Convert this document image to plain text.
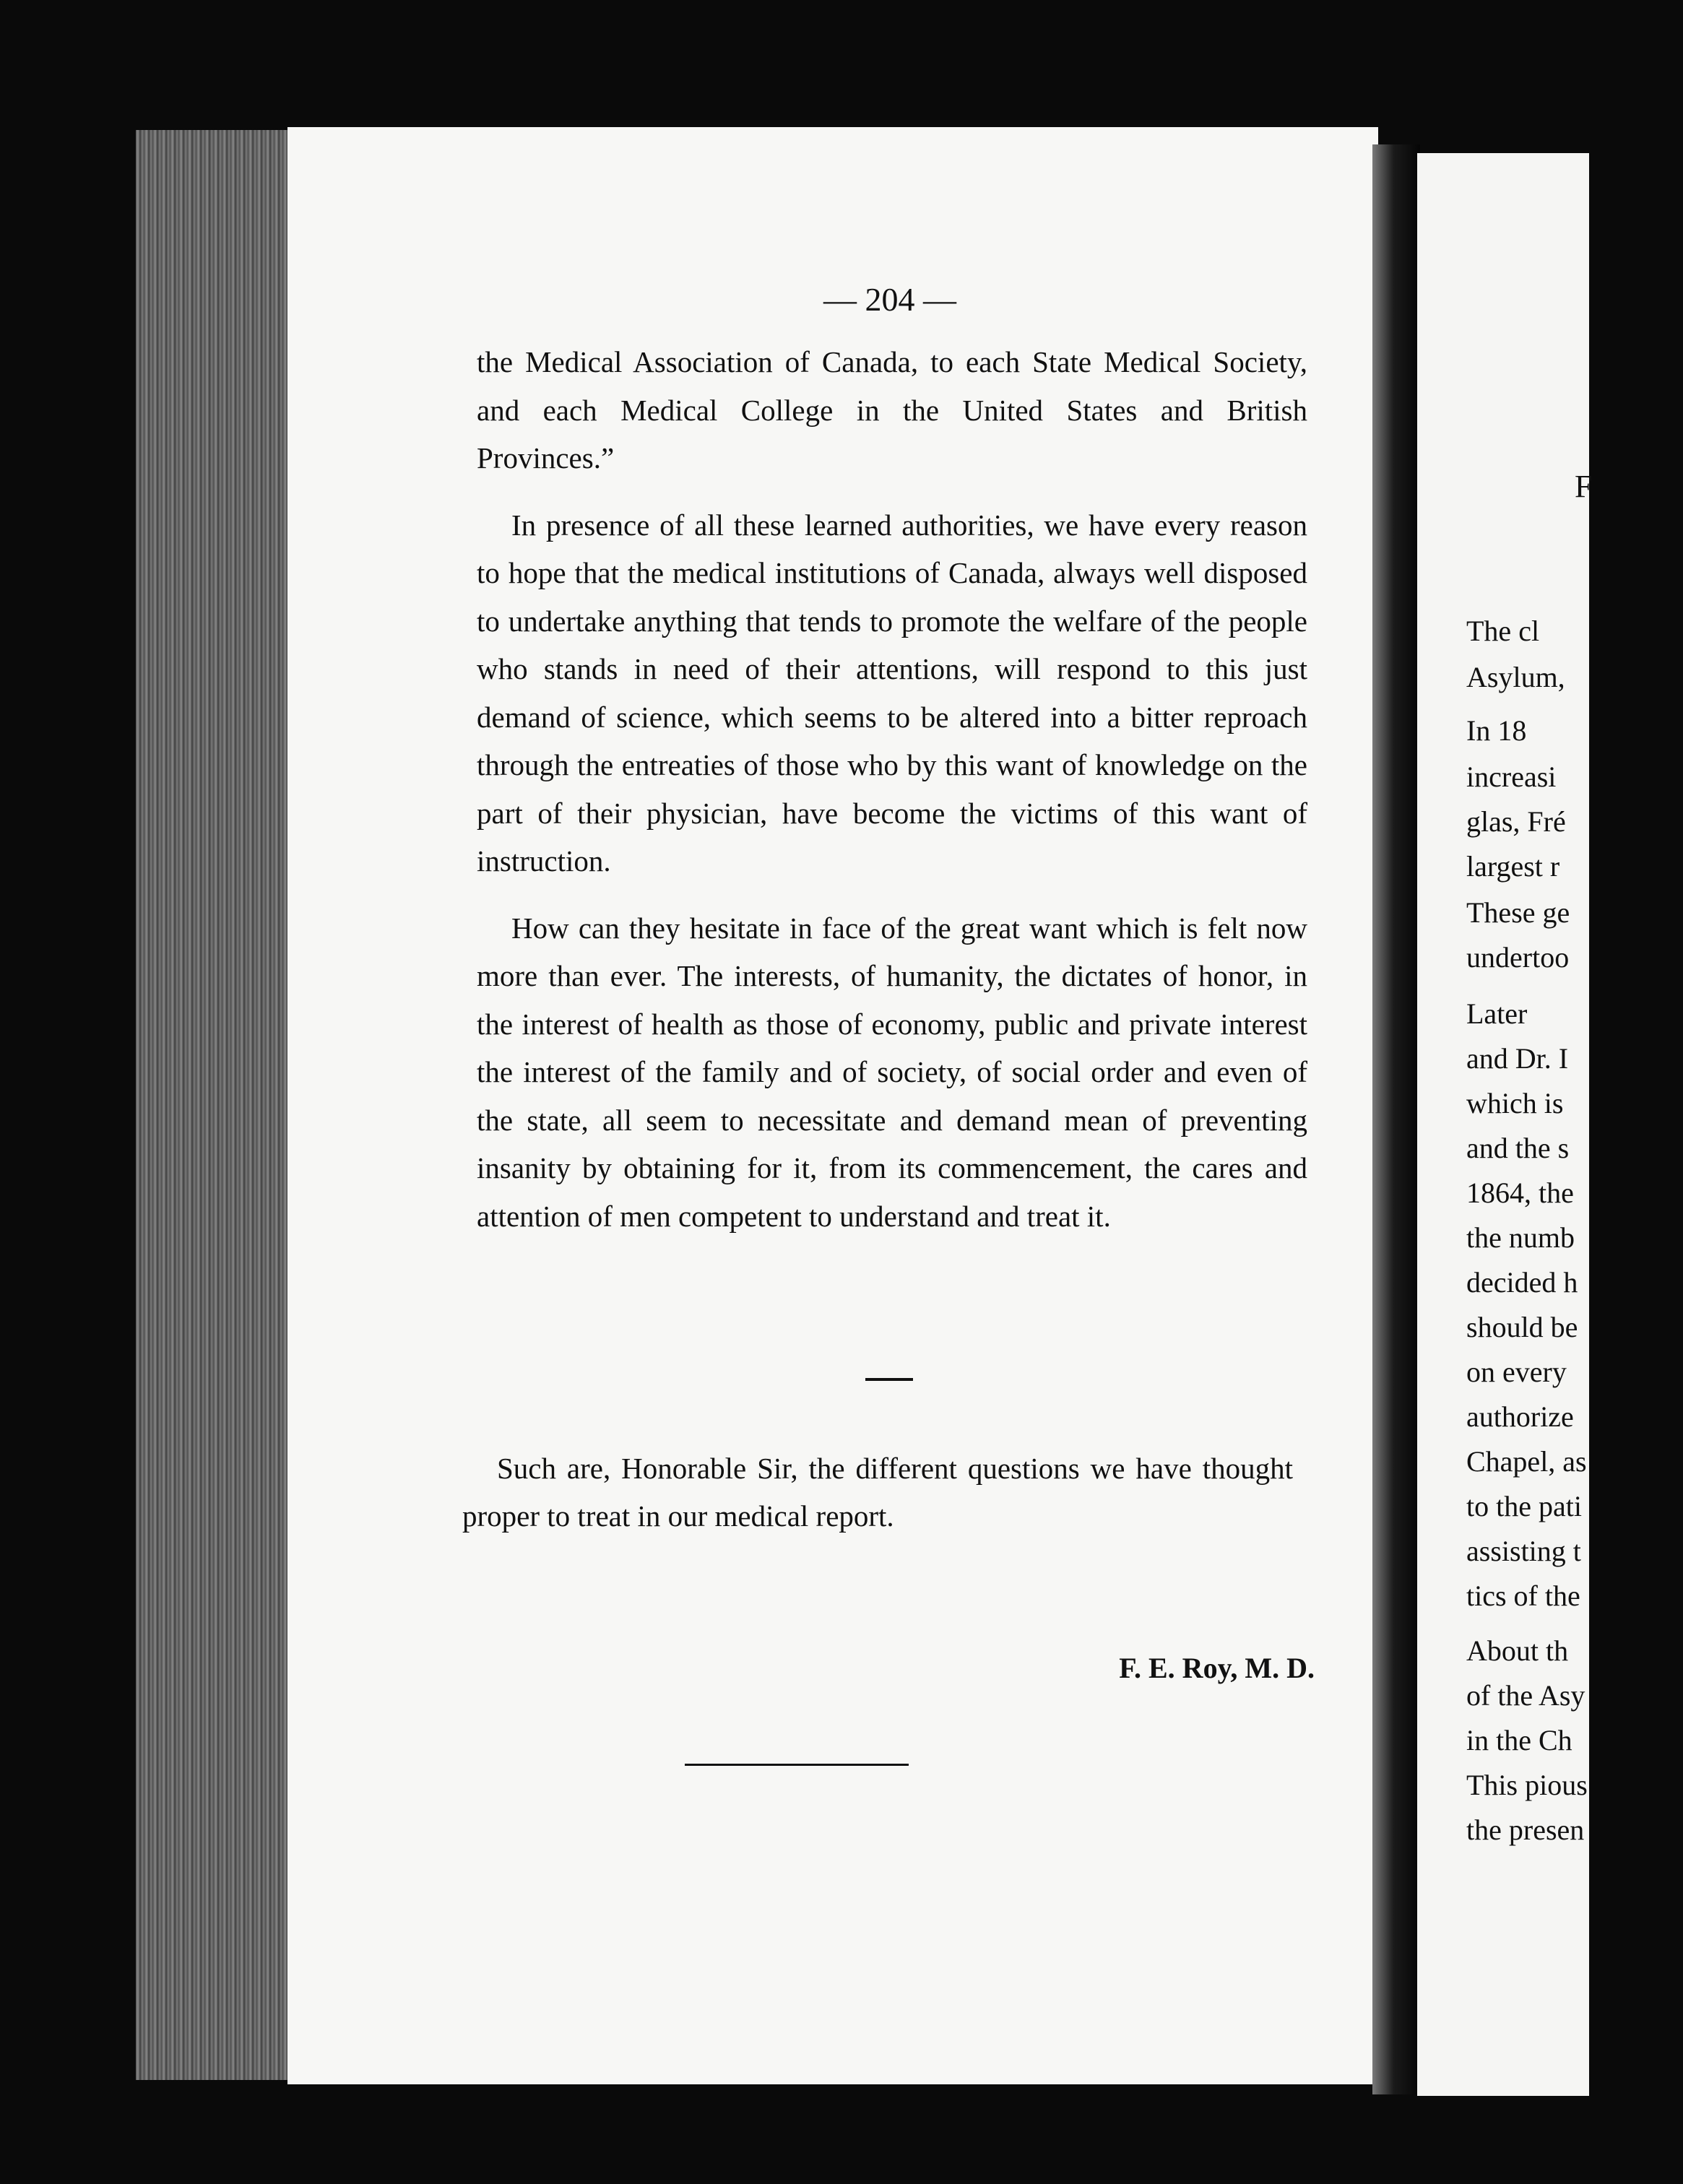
— 204 —

the Medical Association of Canada, to each State Medical Society, and each Medical College in the United States and British Provinces.”

In presence of all these learned authorities, we have every reason to hope that the medical institutions of Canada, always well disposed to undertake anything that tends to promote the welfare of the people who stands in need of their attentions, will respond to this just demand of science, which seems to be altered into a bitter reproach through the entreaties of those who by this want of knowledge on the part of their physician, have become the victims of this want of instruction.

How can they hesitate in face of the great want which is felt now more than ever. The interests, of humanity, the dictates of honor, in the interest of health as those of economy, public and private interest the interest of the family and of society, of social order and even of the state, all seem to necessitate and demand mean of preventing insanity by obtaining for it, from its commencement, the cares and attention of men competent to understand and treat it.

Such are, Honorable Sir, the different questions we have thought proper to treat in our medical report.

F. E. Roy, M. D.
F
The cl
Asylum,
In 18
increasi
glas, Fré
largest r
These ge
undertoo
Later
and Dr. I
which is
and the s
1864, the
the numb
decided h
should be
on every
authorize
Chapel, as
to the pati
assisting t
tics of the
About th
of the Asy
in the Ch
This pious
the presen
